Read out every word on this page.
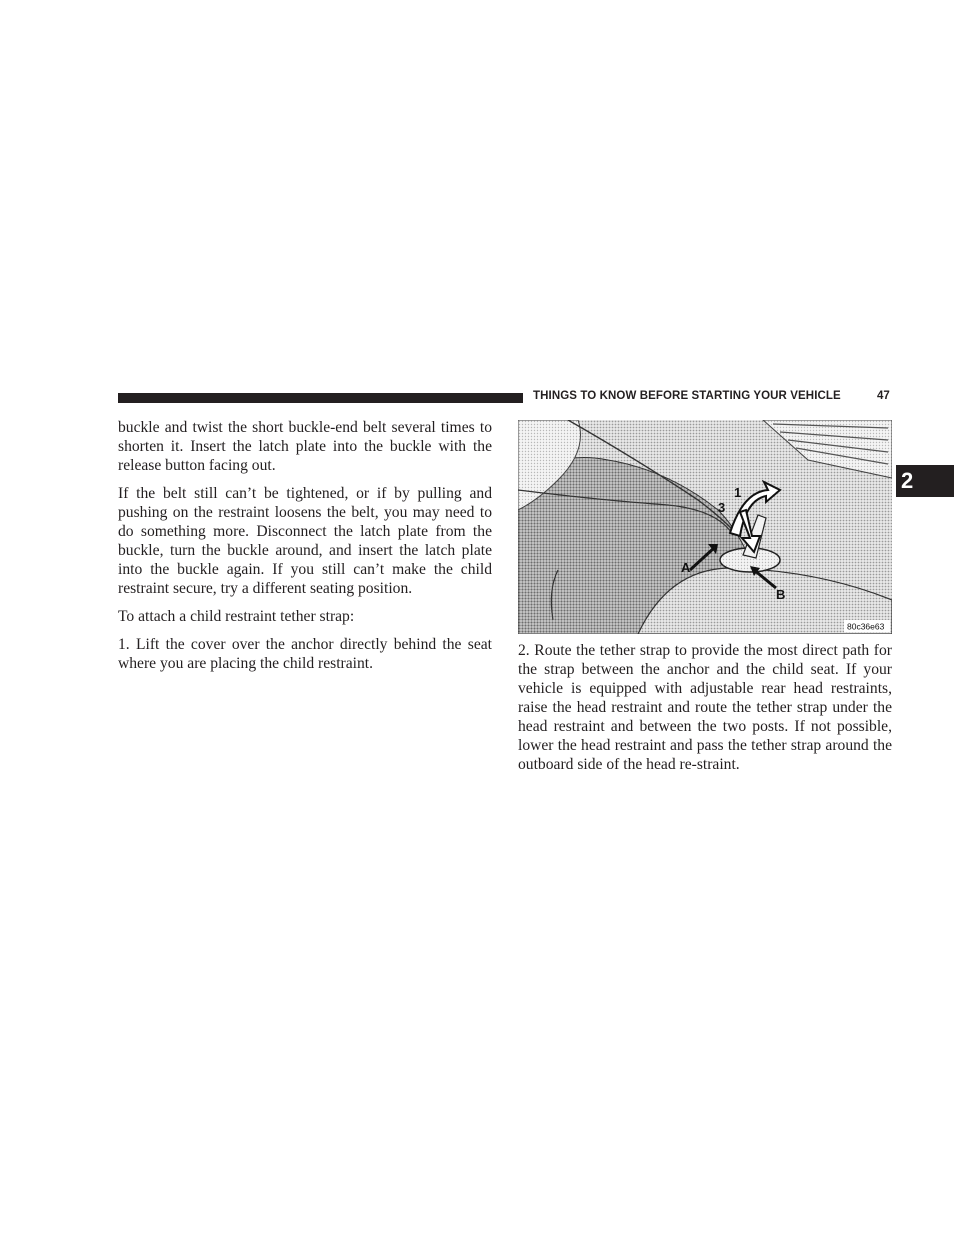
THINGS TO KNOW BEFORE STARTING YOUR VEHICLE	47
2

buckle and twist the short buckle-end belt several times to shorten it. Insert the latch plate into the buckle with the release button facing out.

If the belt still can’t be tightened, or if by pulling and pushing on the restraint loosens the belt, you may need to do something more. Disconnect the latch plate from the buckle, turn the buckle around, and insert the latch plate into the buckle again. If you still can’t make the child restraint secure, try a different seating position.

To attach a child restraint tether strap:

1. Lift the cover over the anchor directly behind the seat where you are placing the child restraint.

1
3
A
B
80c36e63

2. Route the tether strap to provide the most direct path for the strap between the anchor and the child seat. If your vehicle is equipped with adjustable rear head restraints, raise the head restraint and route the tether strap under the head restraint and between the two posts. If not possible, lower the head restraint and pass the tether strap around the outboard side of the head re-straint.
